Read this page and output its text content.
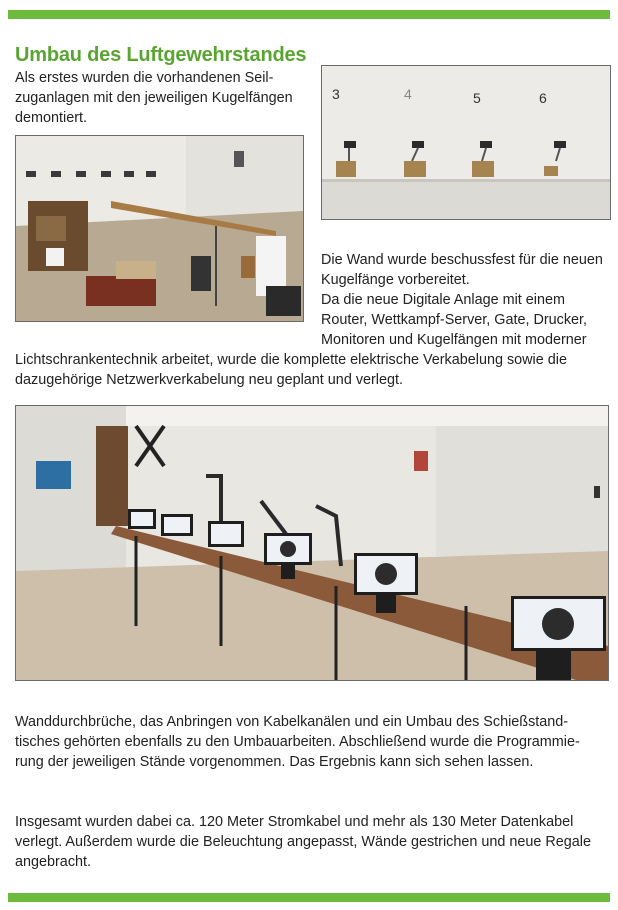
Umbau des Luftgewehrstandes
Als erstes wurden die vorhandenen Seil-
zuganlagen mit den jeweiligen Kugelfängen
demontiert.
3	4	5	6
Die Wand wurde beschussfest für die neuen
Kugelfänge vorbereitet.
Da die neue Digitale Anlage mit einem
Router, Wettkampf-Server, Gate, Drucker,
Monitoren und Kugelfängen mit moderner
Lichtschrankentechnik arbeitet, wurde die komplette elektrische Verkabelung sowie die
dazugehörige Netzwerkverkabelung neu geplant und verlegt.
Wanddurchbrüche, das Anbringen von Kabelkanälen und ein Umbau des Schießstand-
tisches gehörten ebenfalls zu den Umbauarbeiten. Abschließend wurde die Programmie-
rung der jeweiligen Stände vorgenommen. Das Ergebnis kann sich sehen lassen.
Insgesamt wurden dabei ca. 120 Meter Stromkabel und mehr als 130 Meter Datenkabel
verlegt. Außerdem wurde die Beleuchtung angepasst, Wände gestrichen und neue Regale
angebracht.
